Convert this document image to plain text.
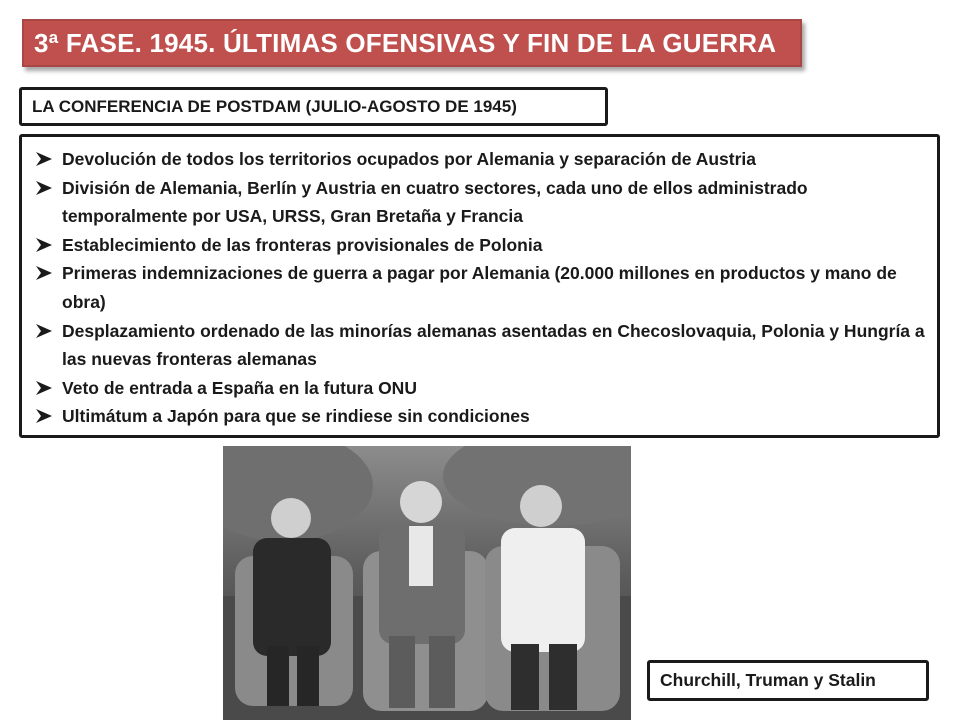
3ª FASE. 1945. ÚLTIMAS OFENSIVAS Y FIN DE LA GUERRA
LA CONFERENCIA DE POSTDAM (JULIO-AGOSTO DE 1945)
Devolución de todos los territorios ocupados por Alemania y separación de Austria
División de Alemania, Berlín y Austria en cuatro sectores, cada uno de ellos administrado temporalmente por USA, URSS, Gran Bretaña y Francia
Establecimiento de las fronteras provisionales de Polonia
Primeras indemnizaciones de guerra a pagar por Alemania (20.000 millones en productos y mano de obra)
Desplazamiento ordenado de las minorías alemanas asentadas en Checoslovaquia, Polonia y Hungría a las nuevas fronteras alemanas
Veto de entrada a España en la futura ONU
Ultimátum a Japón para que se rindiese sin condiciones
Churchill, Truman y Stalin
